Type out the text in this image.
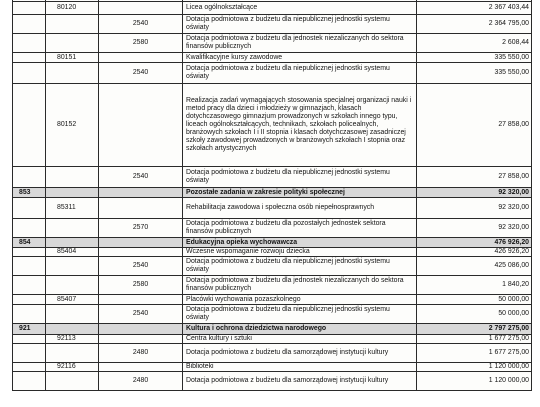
	80120		Licea ogólnokształcące	2 367 403,44
		2540	Dotacja podmiotowa z budżetu dla niepublicznej jednostki systemu oświaty	2 364 795,00
		2580	Dotacja podmiotowa z budżetu dla jednostek niezaliczanych do sektora finansów publicznych	2 608,44
	80151		Kwalifikacyjne kursy zawodowe	335 550,00
		2540	Dotacja podmiotowa z budżetu dla niepublicznej jednostki systemu oświaty	335 550,00
	80152		Realizacja zadań wymagających stosowania specjalnej organizacji nauki i metod pracy dla dzieci i młodzieży w gimnazjach, klasach dotychczasowego gimnazjum prowadzonych w szkołach innego typu, liceach ogólnokształcących, technikach, szkołach policealnych, branżowych szkołach I i II stopnia i klasach dotychczasowej zasadniczej szkoły zawodowej prowadzonych w branżowych szkołach I stopnia oraz szkołach artystycznych	27 858,00
		2540	Dotacja podmiotowa z budżetu dla niepublicznej jednostki systemu oświaty	27 858,00
853			Pozostałe zadania w zakresie polityki społecznej	92 320,00
	85311		Rehabilitacja zawodowa i społeczna osób niepełnosprawnych	92 320,00
		2570	Dotacja podmiotowa z budżetu dla pozostałych jednostek sektora finansów publicznych	92 320,00
854			Edukacyjna opieka wychowawcza	476 926,20
	85404		Wczesne wspomaganie rozwoju dziecka	426 926,20
		2540	Dotacja podmiotowa z budżetu dla niepublicznej jednostki systemu oświaty	425 086,00
		2580	Dotacja podmiotowa z budżetu dla jednostek niezaliczanych do sektora finansów publicznych	1 840,20
	85407		Placówki wychowania pozaszkolnego	50 000,00
		2540	Dotacja podmiotowa z budżetu dla niepublicznej jednostki systemu oświaty	50 000,00
921			Kultura i ochrona dziedzictwa narodowego	2 797 275,00
	92113		Centra kultury i sztuki	1 677 275,00
		2480	Dotacja podmiotowa z budżetu dla samorządowej instytucji kultury	1 677 275,00
	92116		Biblioteki	1 120 000,00
		2480	Dotacja podmiotowa z budżetu dla samorządowej instytucji kultury	1 120 000,00
